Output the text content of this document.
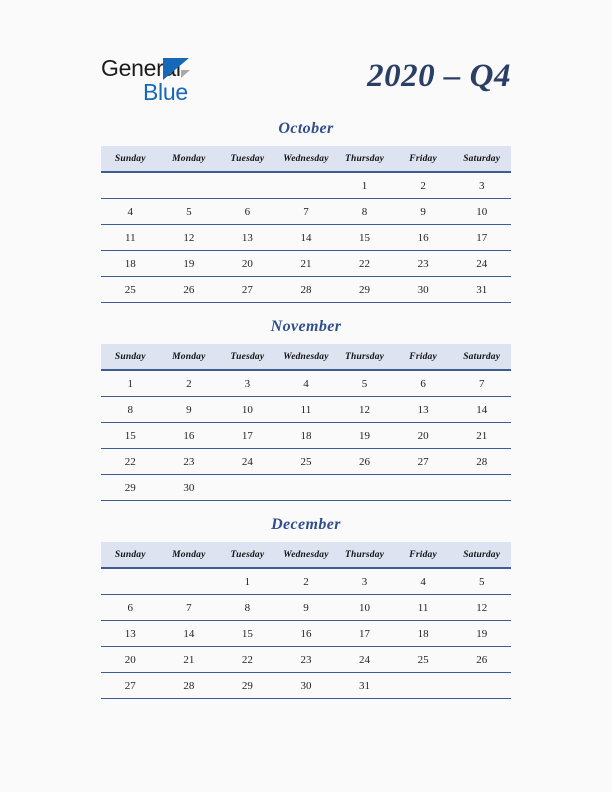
General
Blue	2020 – Q4
October
Sunday	Monday	Tuesday	Wednesday	Thursday	Friday	Saturday
				1	2	3
4	5	6	7	8	9	10
11	12	13	14	15	16	17
18	19	20	21	22	23	24
25	26	27	28	29	30	31
November
Sunday	Monday	Tuesday	Wednesday	Thursday	Friday	Saturday
1	2	3	4	5	6	7
8	9	10	11	12	13	14
15	16	17	18	19	20	21
22	23	24	25	26	27	28
29	30					
December
Sunday	Monday	Tuesday	Wednesday	Thursday	Friday	Saturday
		1	2	3	4	5
6	7	8	9	10	11	12
13	14	15	16	17	18	19
20	21	22	23	24	25	26
27	28	29	30	31		
